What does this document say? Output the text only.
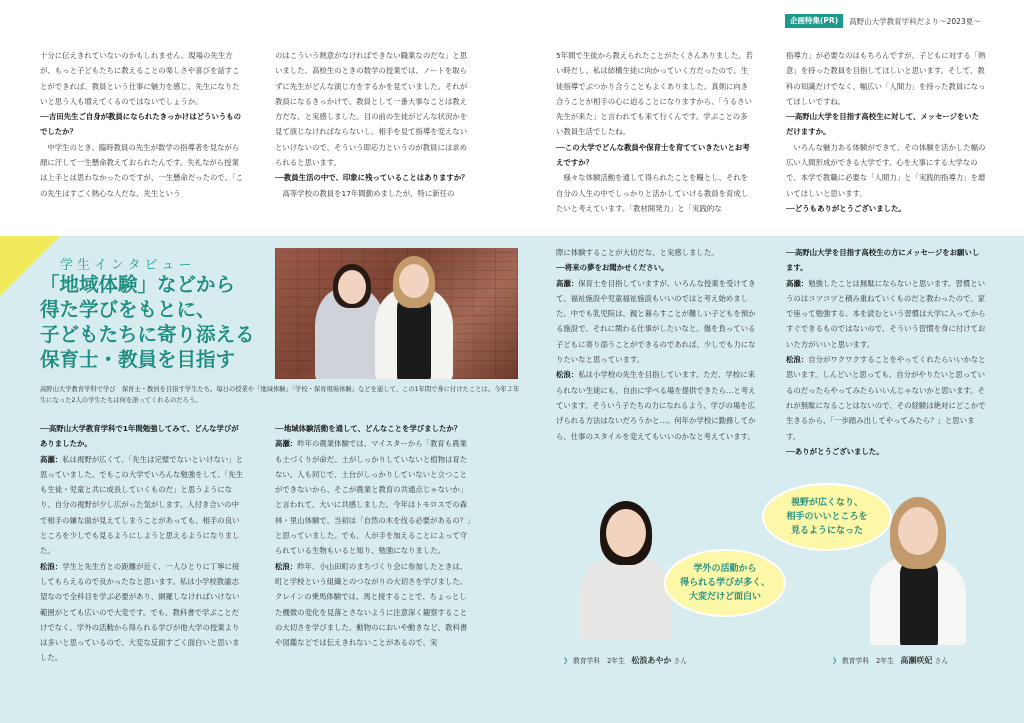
企画特集(PR)	高野山大学教育学科だより〜2023夏〜

十分に伝えきれていないのかもしれません。現場の先生方が、もっと子どもたちに教えることの楽しさや喜びを話すことができれば、教員という仕事に魅力を感じ、先生になりたいと思う人も増えてくるのではないでしょうか。

──吉田先生ご自身が教員になられたきっかけはどういうものでしたか？

　中学生のとき、臨時教員の先生が数学の指導者を見ながら顔に汗して一生懸命教えておられたんです。失礼ながら授業は上手とは思わなかったのですが、一生懸命だったので、「この先生はすごく熱心な人だな、先生という

のはこういう熱意がなければできない職業なのだな」と思いました。高校生のときの数学の授業では、ノートを取らずに先生がどんな演じ方をするかを見ていました。それが教員になるきっかけで、教員として一番大事なことは教え方だな、と実感しました。目の前の生徒がどんな状況かを見て演じなければならないし、相手を見て指導を変えないといけないので、そういう即応力というのが教員には求められると思います。

──教員生活の中で、印象に残っていることはありますか？

　高等学校の教員を17年間勤めましたが、特に新任の

5年間で生徒から教えられたことがたくさんありました。若い時だし、私は結構生徒に向かっていく方だったので、生徒指導でぶつかり合うこともよくありました。真剣に向き合うことが相手の心に迫ることになりますから、「うるさい先生が来た」と言われても来て行くんです。学ぶことの多い教員生活でしたね。

──この大学でどんな教員や保育士を育てていきたいとお考えですか？

　様々な体験活動を通して得られたことを糧とし、それを自分の人生の中でしっかりと活かしていける教員を育成したいと考えています。「教材開発力」と「実践的な

指導力」が必要なのはもちろんですが、子どもに対する「熱意」を持った教員を目指してほしいと思います。そして、教科の知識だけでなく、幅広い「人間力」を持った教員になってほしいですね。

──高野山大学を目指す高校生に対して、メッセージをいただけますか。

　いろんな魅力ある体験ができて、その体験を活かした幅の広い人間形成ができる大学です。心を大事にする大学なので、本学で教職に必要な「人間力」と「実践的指導力」を磨いてほしいと思います。

──どうもありがとうございました。

学生インタビュー
「地域体験」などから
得た学びをもとに、
子どもたちに寄り添える
保育士・教員を目指す
高野山大学教育学科で学び　保育士・教員を目指す学生たち。毎日の授業や「地域体験」「学校・保育現場体験」などを通して、この1年間で身に付けたことは。今年２年生になった2人の学生たちは何を語ってくれるのだろう。

──高野山大学教育学科で1年間勉強してみて、どんな学びがありましたか。

高瀬：私は視野が広くて、「先生は完璧でないといけない」と思っていました。でもこの大学でいろんな勉強をして、「先生も生徒・児童と共に成長していくものだ」と思うようになり、自分の視野が少し広がった気がします。人付き合いの中で相手の嫌な面が見えてしまうことがあっても、相手の良いところを少しでも見るようにしようと思えるようになりました。

松浪：学生と先生方との距離が近く、一人ひとりに丁寧に接してもらえるので良かったなと思います。私は小学校教諭志望なので全科目を学ぶ必要があり、網羅しなければいけない範囲がとても広いので大変です。でも、教科書で学ぶことだけでなく、学外の活動から得られる学びが他大学の授業よりは多いと思っているので、大変な反面すごく面白いと思いました。

──地域体験活動を通して、どんなことを学びましたか？

高瀬：昨年の農業体験では、マイスターから「教育も農業も土づくりが命だ。土がしっかりしていないと植物は育たない。人も同じで、土台がしっかりしていないと立つことができないから、そこが農業と教育の共通点じゃないか」と言われて、大いに共感しました。今年はトモロスでの森林・里山体験で、当初は「自然の木を伐る必要があるの？」と思っていました。でも、人が手を加えることによって守られている生物もいると知り、勉強になりました。

松浪：昨年、小山田町のまちづくり会に参加したときは、町と学校という組織とのつながりの大切さを学びました。クレインの乗馬体験では、馬と接することで、ちょっとした機微の変化を見落とさないように注意深く観察することの大切さを学びました。動物のにおいや動きなど、教科書や図鑑などでは伝えきれないことがあるので、実

際に体験することが大切だな、と実感しました。

──将来の夢をお聞かせください。

高瀬：保育士を目指していますが、いろんな授業を受けてきて、福祉施設や児童福祉施設もいいのではと考え始めました。中でも乳児院は、親と暮らすことが難しい子どもを預かる施設で、それに関わる仕事がしたいなと。傷を負っている子どもに寄り添うことができるのであれば、少しでも力になりたいなと思っています。

松浪：私は小学校の先生を目指しています。ただ、学校に来られない生徒にも、自由に学べる場を提供できたら…と考えています。そういう子たちの力になれるよう、学びの場を広げられる方法はないだろうかと…。何年か学校に勤務してから、仕事のスタイルを変えてもいいのかなと考えています。

──高野山大学を目指す高校生の方にメッセージをお願いします。

高瀬：勉強したことは無駄にならないと思います。習慣というのはコツコツと積み重ねていくものだと教わったので、家で座って勉強する、本を読むという習慣は大学に入ってからすぐできるものではないので、そういう習慣を身に付けておいた方がいいと思います。

松浪：自分がワクワクすることをやってくれたらいいかなと思います。しんどいと思っても、自分がやりたいと思っているのだったらやってみたらいいんじゃないかと思います。それが無駄になることはないので、その経験は絶対にどこかで生きるから、「一歩踏み出してやってみたら？」と思います。

──ありがとうございました。

学外の活動から
得られる学びが多く、
大変だけど面白い
視野が広くなり、
相手のいいところを
見るようになった
》 教育学科　2年生 松浪あやか さん	》 教育学科　2年生 高瀬咲妃 さん
